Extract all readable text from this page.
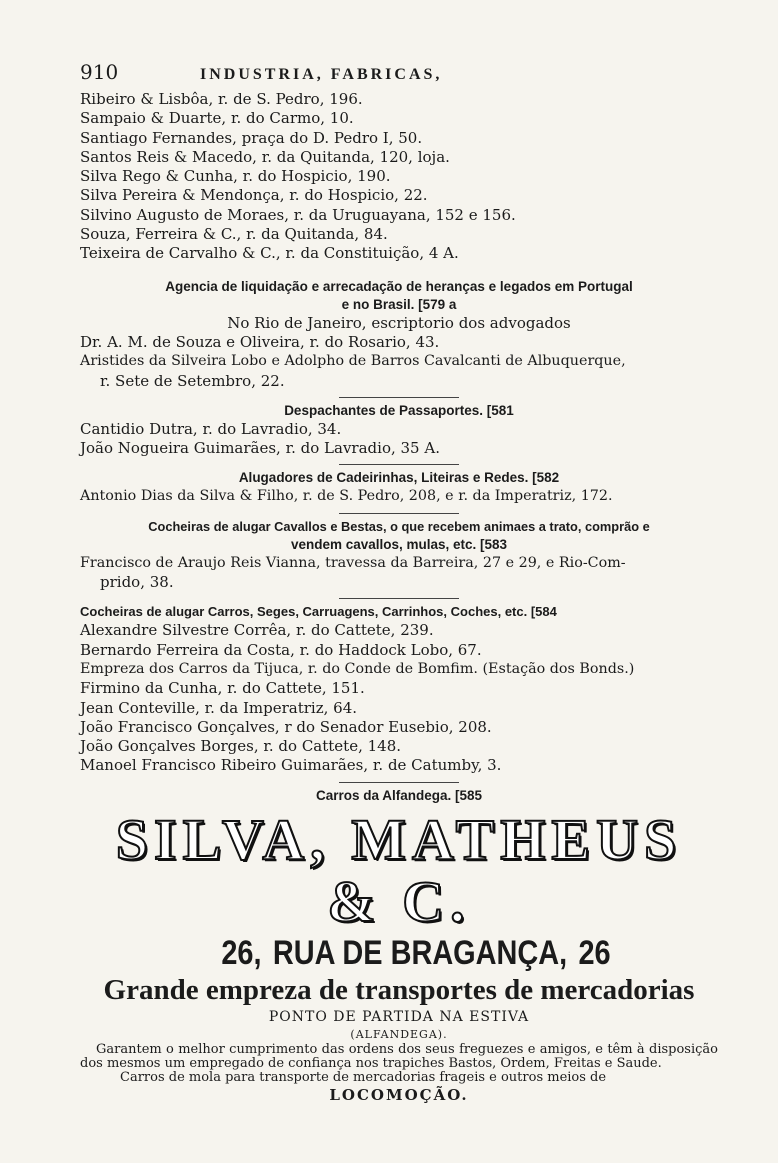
910	INDUSTRIA, FABRICAS,
Ribeiro & Lisbôa, r. de S. Pedro, 196.
Sampaio & Duarte, r. do Carmo, 10.
Santiago Fernandes, praça do D. Pedro I, 50.
Santos Reis & Macedo, r. da Quitanda, 120, loja.
Silva Rego & Cunha, r. do Hospicio, 190.
Silva Pereira & Mendonça, r. do Hospicio, 22.
Silvino Augusto de Moraes, r. da Uruguayana, 152 e 156.
Souza, Ferreira & C., r. da Quitanda, 84.
Teixeira de Carvalho & C., r. da Constituição, 4 A.
Agencia de liquidação e arrecadação de heranças e legados em Portugal
e no Brasil. [579 a
No Rio de Janeiro, escriptorio dos advogados
Dr. A. M. de Souza e Oliveira, r. do Rosario, 43.
Aristides da Silveira Lobo e Adolpho de Barros Cavalcanti de Albuquerque,
r. Sete de Setembro, 22.
Despachantes de Passaportes. [581
Cantidio Dutra, r. do Lavradio, 34.
João Nogueira Guimarães, r. do Lavradio, 35 A.
Alugadores de Cadeirinhas, Liteiras e Redes. [582
Antonio Dias da Silva & Filho, r. de S. Pedro, 208, e r. da Imperatriz, 172.
Cocheiras de alugar Cavallos e Bestas, o que recebem animaes a trato, comprão e
vendem cavallos, mulas, etc. [583
Francisco de Araujo Reis Vianna, travessa da Barreira, 27 e 29, e Rio-Com-
prido, 38.
Cocheiras de alugar Carros, Seges, Carruagens, Carrinhos, Coches, etc. [584
Alexandre Silvestre Corrêa, r. do Cattete, 239.
Bernardo Ferreira da Costa, r. do Haddock Lobo, 67.
Empreza dos Carros da Tijuca, r. do Conde de Bomfim. (Estação dos Bonds.)
Firmino da Cunha, r. do Cattete, 151.
Jean Conteville, r. da Imperatriz, 64.
João Francisco Gonçalves, r do Senador Eusebio, 208.
João Gonçalves Borges, r. do Cattete, 148.
Manoel Francisco Ribeiro Guimarães, r. de Catumby, 3.
Carros da Alfandega. [585
SILVA, MATHEUS & C.
26, RUA DE BRAGANÇA, 26
Grande empreza de transportes de mercadorias
PONTO DE PARTIDA NA ESTIVA
(ALFANDEGA).
Garantem o melhor cumprimento das ordens dos seus freguezes e amigos, e têm à disposição dos mesmos um empregado de confiança nos trapiches Bastos, Ordem, Freitas e Saude.
Carros de mola para transporte de mercadorias frageis e outros meios de
LOCOMOÇÃO.
